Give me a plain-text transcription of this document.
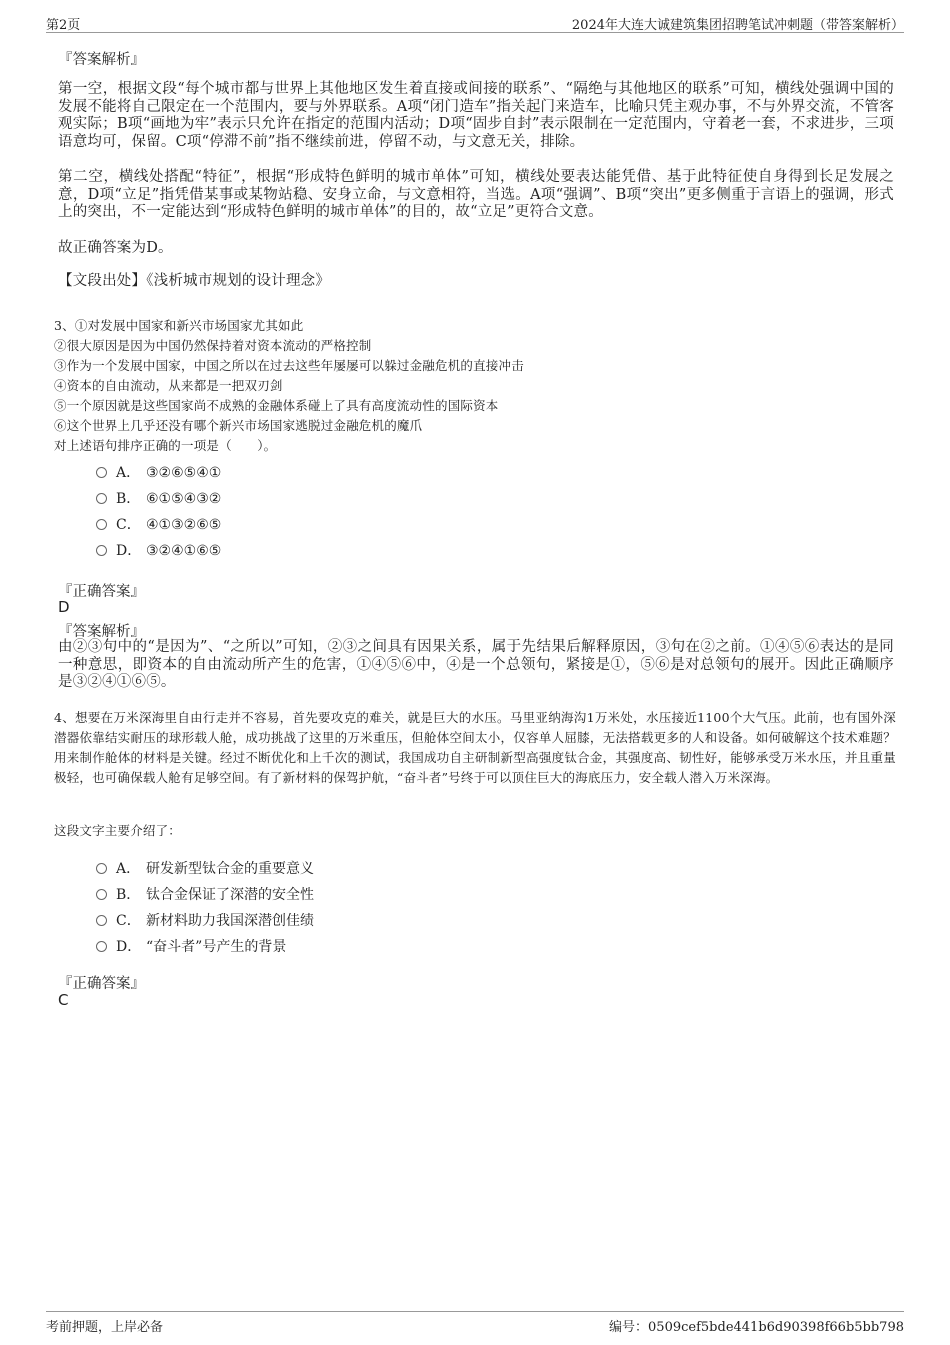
第2页	2024年大连大诚建筑集团招聘笔试冲刺题（带答案解析）
『答案解析』
第一空，根据文段“每个城市都与世界上其他地区发生着直接或间接的联系”、“隔绝与其他地区的联系”可知，横线处强调中国的发展不能将自己限定在一个范围内，要与外界联系。A项“闭门造车”指关起门来造车，比喻只凭主观办事，不与外界交流，不管客观实际；B项“画地为牢”表示只允许在指定的范围内活动；D项“固步自封”表示限制在一定范围内，守着老一套，不求进步，三项语意均可，保留。C项“停滞不前”指不继续前进，停留不动，与文意无关，排除。
第二空，横线处搭配“特征”，根据“形成特色鲜明的城市单体”可知，横线处要表达能凭借、基于此特征使自身得到长足发展之意，D项“立足”指凭借某事或某物站稳、安身立命，与文意相符，当选。A项“强调”、B项“突出”更多侧重于言语上的强调，形式上的突出，不一定能达到“形成特色鲜明的城市单体”的目的，故“立足”更符合文意。
故正确答案为D。
【文段出处】《浅析城市规划的设计理念》
3、①对发展中国家和新兴市场国家尤其如此
②很大原因是因为中国仍然保持着对资本流动的严格控制
③作为一个发展中国家，中国之所以在过去这些年屡屡可以躲过金融危机的直接冲击
④资本的自由流动，从来都是一把双刃剑
⑤一个原因就是这些国家尚不成熟的金融体系碰上了具有高度流动性的国际资本
⑥这个世界上几乎还没有哪个新兴市场国家逃脱过金融危机的魔爪
对上述语句排序正确的一项是（　　）。
A． ③②⑥⑤④①
B． ⑥①⑤④③②
C． ④①③②⑥⑤
D． ③②④①⑥⑤
『正确答案』
D
『答案解析』
由②③句中的“是因为”、“之所以”可知，②③之间具有因果关系，属于先结果后解释原因，③句在②之前。①④⑤⑥表达的是同一种意思，即资本的自由流动所产生的危害，①④⑤⑥中，④是一个总领句，紧接是①，⑤⑥是对总领句的展开。因此正确顺序是③②④①⑥⑤。
4、想要在万米深海里自由行走并不容易，首先要攻克的难关，就是巨大的水压。马里亚纳海沟1万米处，水压接近1100个大气压。此前，也有国外深潜器依靠结实耐压的球形载人舱，成功挑战了这里的万米重压，但舱体空间太小，仅容单人屈膝，无法搭载更多的人和设备。如何破解这个技术难题？用来制作舱体的材料是关键。经过不断优化和上千次的测试，我国成功自主研制新型高强度钛合金，其强度高、韧性好，能够承受万米水压，并且重量极轻，也可确保载人舱有足够空间。有了新材料的保驾护航，“奋斗者”号终于可以顶住巨大的海底压力，安全载人潜入万米深海。
这段文字主要介绍了：
A． 研发新型钛合金的重要意义
B． 钛合金保证了深潜的安全性
C． 新材料助力我国深潜创佳绩
D． “奋斗者”号产生的背景
『正确答案』
C
考前押题，上岸必备	编号：0509cef5bde441b6d90398f66b5bb798
